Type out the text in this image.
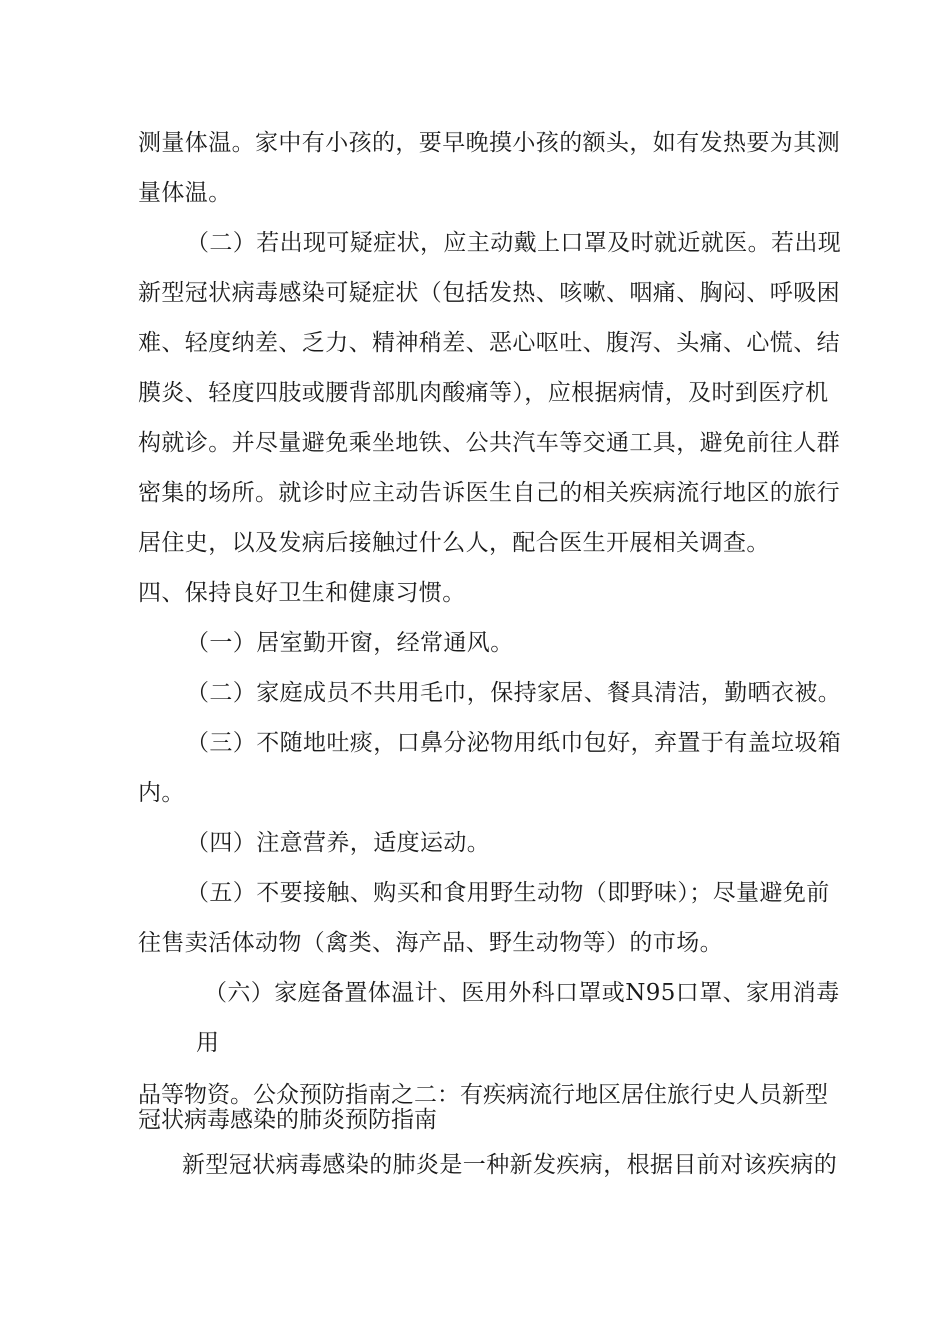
测量体温。家中有小孩的，要早晚摸小孩的额头，如有发热要为其测
量体温。
（二）若出现可疑症状，应主动戴上口罩及时就近就医。若出现
新型冠状病毒感染可疑症状（包括发热、咳嗽、咽痛、胸闷、呼吸困
难、轻度纳差、乏力、精神稍差、恶心呕吐、腹泻、头痛、心慌、结
膜炎、轻度四肢或腰背部肌肉酸痛等），应根据病情，及时到医疗机
构就诊。并尽量避免乘坐地铁、公共汽车等交通工具，避免前往人群
密集的场所。就诊时应主动告诉医生自己的相关疾病流行地区的旅行
居住史，以及发病后接触过什么人，配合医生开展相关调查。
四、保持良好卫生和健康习惯。
（一）居室勤开窗，经常通风。
（二）家庭成员不共用毛巾，保持家居、餐具清洁，勤晒衣被。
（三）不随地吐痰，口鼻分泌物用纸巾包好，弃置于有盖垃圾箱
内。
（四）注意营养，适度运动。
（五）不要接触、购买和食用野生动物（即野味）；尽量避免前
往售卖活体动物（禽类、海产品、野生动物等）的市场。
（六）家庭备置体温计、医用外科口罩或N95口罩、家用消毒
用
品等物资。公众预防指南之二：有疾病流行地区居住旅行史人员新型
冠状病毒感染的肺炎预防指南
新型冠状病毒感染的肺炎是一种新发疾病，根据目前对该疾病的
